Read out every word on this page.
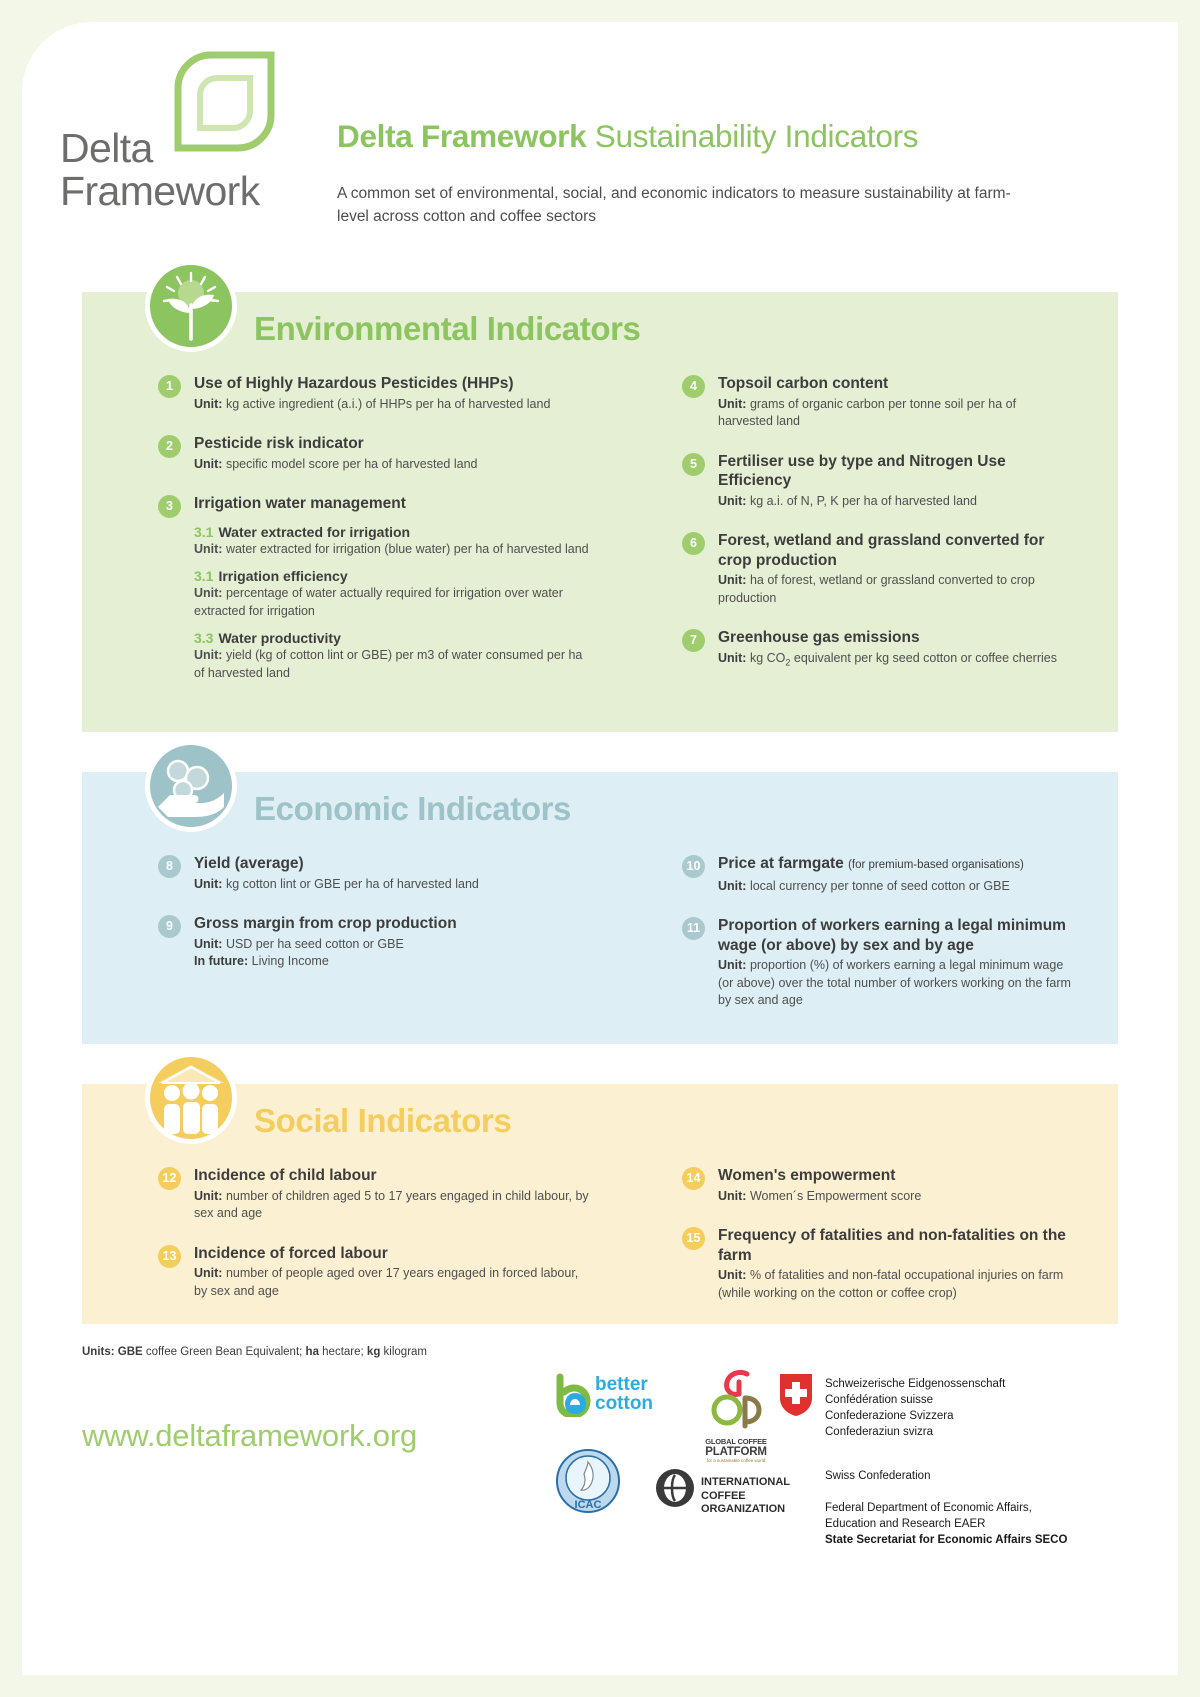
Delta
Framework
Delta Framework Sustainability Indicators
A common set of environmental, social, and economic indicators to measure sustainability at farm-level across cotton and coffee sectors
Environmental Indicators
1	Use of Highly Hazardous Pesticides (HHPs)
Unit: kg active ingredient (a.i.) of HHPs per ha of harvested land
2	Pesticide risk indicator
Unit: specific model score per ha of harvested land
3	Irrigation water management
3.1 Water extracted for irrigation
Unit: water extracted for irrigation (blue water) per ha of harvested land
3.1 Irrigation efficiency
Unit: percentage of water actually required for irrigation over water extracted for irrigation
3.3 Water productivity
Unit: yield (kg of cotton lint or GBE) per m3 of water consumed per ha of harvested land
4	Topsoil carbon content
Unit: grams of organic carbon per tonne soil per ha of harvested land
5	Fertiliser use by type and Nitrogen Use Efficiency
Unit: kg a.i. of N, P, K per ha of harvested land
6	Forest, wetland and grassland converted for crop production
Unit: ha of forest, wetland or grassland converted to crop production
7	Greenhouse gas emissions
Unit: kg $CO_2$ equivalent per kg seed cotton or coffee cherries
Economic Indicators
8	Yield (average)
Unit: kg cotton lint or GBE per ha of harvested land
9	Gross margin from crop production
Unit: USD per ha seed cotton or GBE
In future: Living Income
10 Price at farmgate (for premium-based organisations)
Unit: local currency per tonne of seed cotton or GBE
11	Proportion of workers earning a legal minimum wage (or above) by sex and by age
Unit: proportion (%) of workers earning a legal minimum wage (or above) over the total number of workers working on the farm by sex and age
Social Indicators
12 Incidence of child labour
Unit: number of children aged 5 to 17 years engaged in child labour, by sex and age
13 Incidence of forced labour
Unit: number of people aged over 17 years engaged in forced labour, by sex and age
14 Women's empowerment
Unit: Women´s Empowerment score
15 Frequency of fatalities and non-fatalities on the farm
Unit: % of fatalities and non-fatal occupational injuries on farm (while working on the cotton or coffee crop)
Units: GBE coffee Green Bean Equivalent; ha hectare; kg kilogram
www.deltaframework.org
better
cotton
GLOBAL COFFEE
PLATFORM
for a sustainable coffee world
ICAC
INTERNATIONAL
COFFEE
ORGANIZATION
Schweizerische Eidgenossenschaft
Confédération suisse
Confederazione Svizzera
Confederaziun svizra
Swiss Confederation
Federal Department of Economic Affairs,
Education and Research EAER
State Secretariat for Economic Affairs SECO
